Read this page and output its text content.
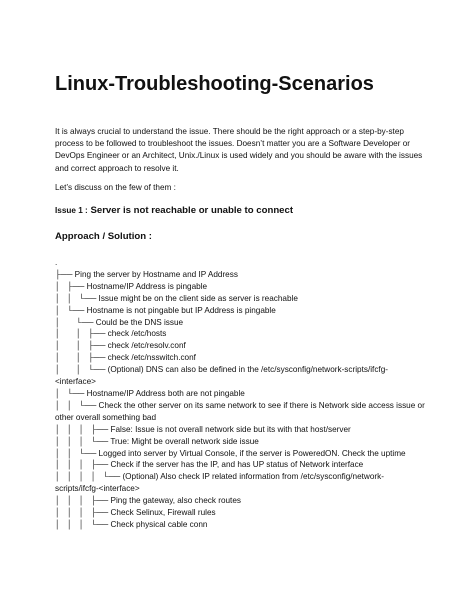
Linux-Troubleshooting-Scenarios

It is always crucial to understand the issue. There should be the right approach or a step-by-step process to be followed to troubleshoot the issues. Doesn’t matter you are a Software Developer or DevOps Engineer or an Architect, Unix./Linux is used widely and you should be aware with the issues and correct approach to resolve it.

Let’s discuss on the few of them :

Issue 1 : Server is not reachable or unable to connect

Approach / Solution :

.
├── Ping the server by Hostname and IP Address
│   ├── Hostname/IP Address is pingable
│   │   └── Issue might be on the client side as server is reachable
│   └── Hostname is not pingable but IP Address is pingable
│       └── Could be the DNS issue
│       │   ├── check /etc/hosts
│       │   ├── check /etc/resolv.conf
│       │   ├── check /etc/nsswitch.conf
│       │   └── (Optional) DNS can also be defined in the /etc/sysconfig/network-scripts/ifcfg-<interface>
│   └── Hostname/IP Address both are not pingable
│   │   └── Check the other server on its same network to see if there is Network side access issue or other overall something bad
│   │   │   ├── False: Issue is not overall network side but its with that host/server
│   │   │   └── True: Might be overall network side issue
│   │   └── Logged into server by Virtual Console, if the server is PoweredON. Check the uptime
│   │   │   ├── Check if the server has the IP, and has UP status of Network interface
│   │   │   │   └── (Optional) Also check IP related information from /etc/sysconfig/network-scripts/ifcfg-<interface>
│   │   │   ├── Ping the gateway, also check routes
│   │   │   ├── Check Selinux, Firewall rules
│   │   │   └── Check physical cable conn
